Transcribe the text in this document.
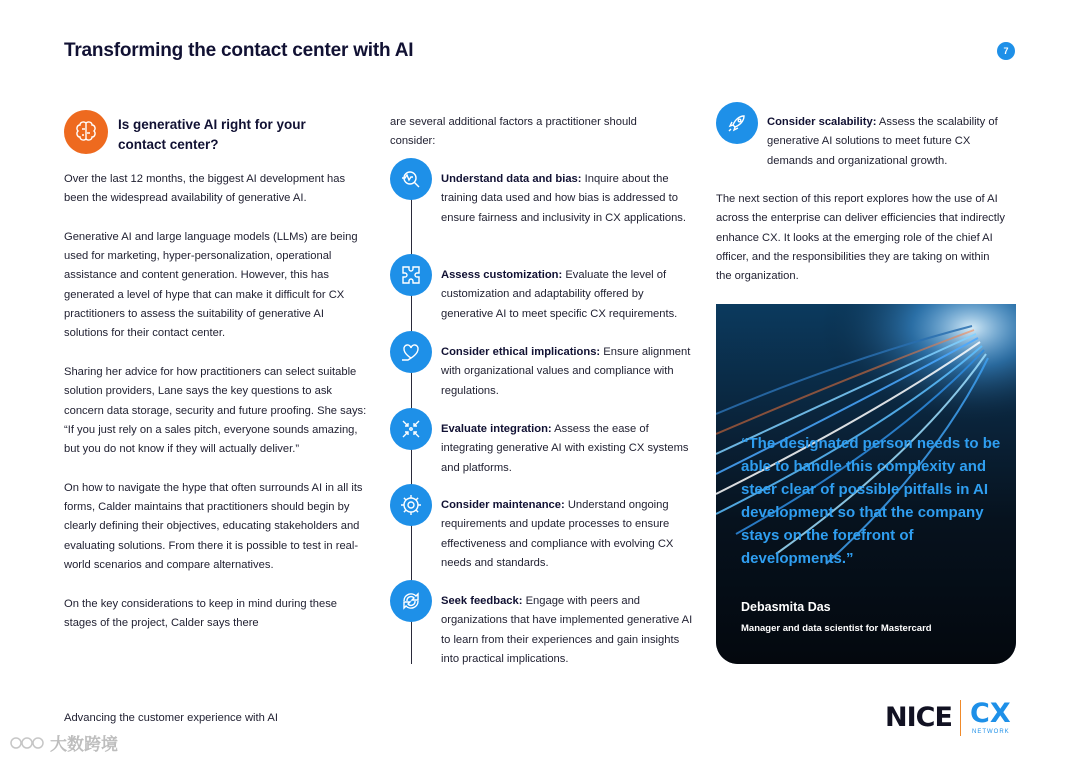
Transforming the contact center with AI	7
Is generative AI right for your contact center?

Over the last 12 months, the biggest AI development has been the widespread availability of generative AI.

Generative AI and large language models (LLMs) are being used for marketing, hyper-personalization, operational assistance and content generation. However, this has generated a level of hype that can make it difficult for CX practitioners to assess the suitability of generative AI solutions for their contact center.

Sharing her advice for how practitioners can select suitable solution providers, Lane says the key questions to ask concern data storage, security and future proofing. She says: “If you just rely on a sales pitch, everyone sounds amazing, but you do not know if they will actually deliver.”

On how to navigate the hype that often surrounds AI in all its forms, Calder maintains that practitioners should begin by clearly defining their objectives, educating stakeholders and evaluating solutions. From there it is possible to test in real-world scenarios and compare alternatives.

On the key considerations to keep in mind during these stages of the project, Calder says there

are several additional factors a practitioner should consider:
Understand data and bias: Inquire about the training data used and how bias is addressed to ensure fairness and inclusivity in CX applications.
Assess customization: Evaluate the level of customization and adaptability offered by generative AI to meet specific CX requirements.
Consider ethical implications: Ensure alignment with organizational values and compliance with regulations.
Evaluate integration: Assess the ease of integrating generative AI with existing CX systems and platforms.
Consider maintenance: Understand ongoing requirements and update processes to ensure effectiveness and compliance with evolving CX needs and standards.
Seek feedback: Engage with peers and organizations that have implemented generative AI to learn from their experiences and gain insights into practical implications.
Consider scalability: Assess the scalability of generative AI solutions to meet future CX demands and organizational growth.
The next section of this report explores how the use of AI across the enterprise can deliver efficiencies that indirectly enhance CX. It looks at the emerging role of the chief AI officer, and the responsibilities they are taking on within the organization.
“The designated person needs to be able to handle this complexity and steer clear of possible pitfalls in AI development so that the company stays on the forefront of developments.”
Debasmita Das
Manager and data scientist for Mastercard
Advancing the customer experience with AI	NICE CX
NETWORK
大数跨境
